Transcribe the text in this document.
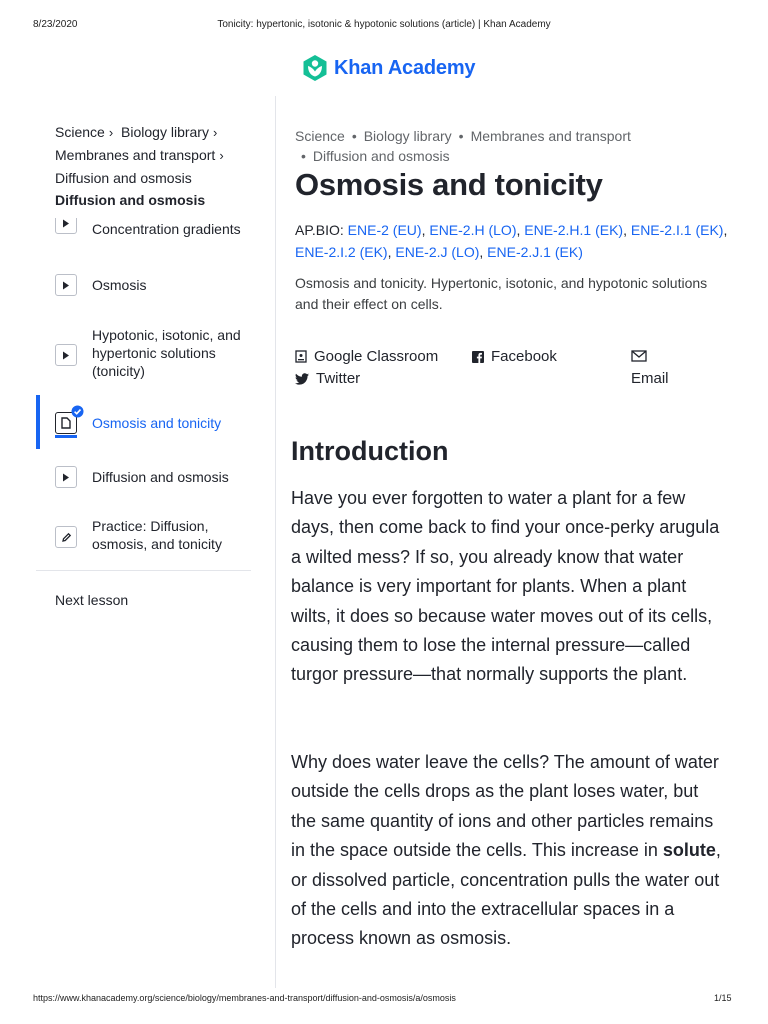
8/23/2020	Tonicity: hypertonic, isotonic & hypotonic solutions (article) | Khan Academy
Khan Academy
Science › Biology library ›
Membranes and transport ›
Diffusion and osmosis
Diffusion and osmosis
Concentration gradients
Osmosis
Hypotonic, isotonic, and hypertonic solutions (tonicity)
Osmosis and tonicity
Diffusion and osmosis
Practice: Diffusion, osmosis, and tonicity
Next lesson
Science • Biology library • Membranes and transport
• Diffusion and osmosis
Osmosis and tonicity
AP.BIO: ENE‑2 (EU), ENE‑2.H (LO), ENE‑2.H.1 (EK), ENE‑2.I.1 (EK), ENE‑2.I.2 (EK), ENE‑2.J (LO), ENE‑2.J.1 (EK)
Osmosis and tonicity. Hypertonic, isotonic, and hypotonic solutions and their effect on cells.
Google Classroom	Facebook
Email
Twitter
Introduction
Have you ever forgotten to water a plant for a few days, then come back to find your once-perky arugula a wilted mess? If so, you already know that water balance is very important for plants. When a plant wilts, it does so because water moves out of its cells, causing them to lose the internal pressure—called turgor pressure—that normally supports the plant.
Why does water leave the cells? The amount of water outside the cells drops as the plant loses water, but the same quantity of ions and other particles remains in the space outside the cells. This increase in solute, or dissolved particle, concentration pulls the water out of the cells and into the extracellular spaces in a process known as osmosis.
https://www.khanacademy.org/science/biology/membranes-and-transport/diffusion-and-osmosis/a/osmosis	1/15
